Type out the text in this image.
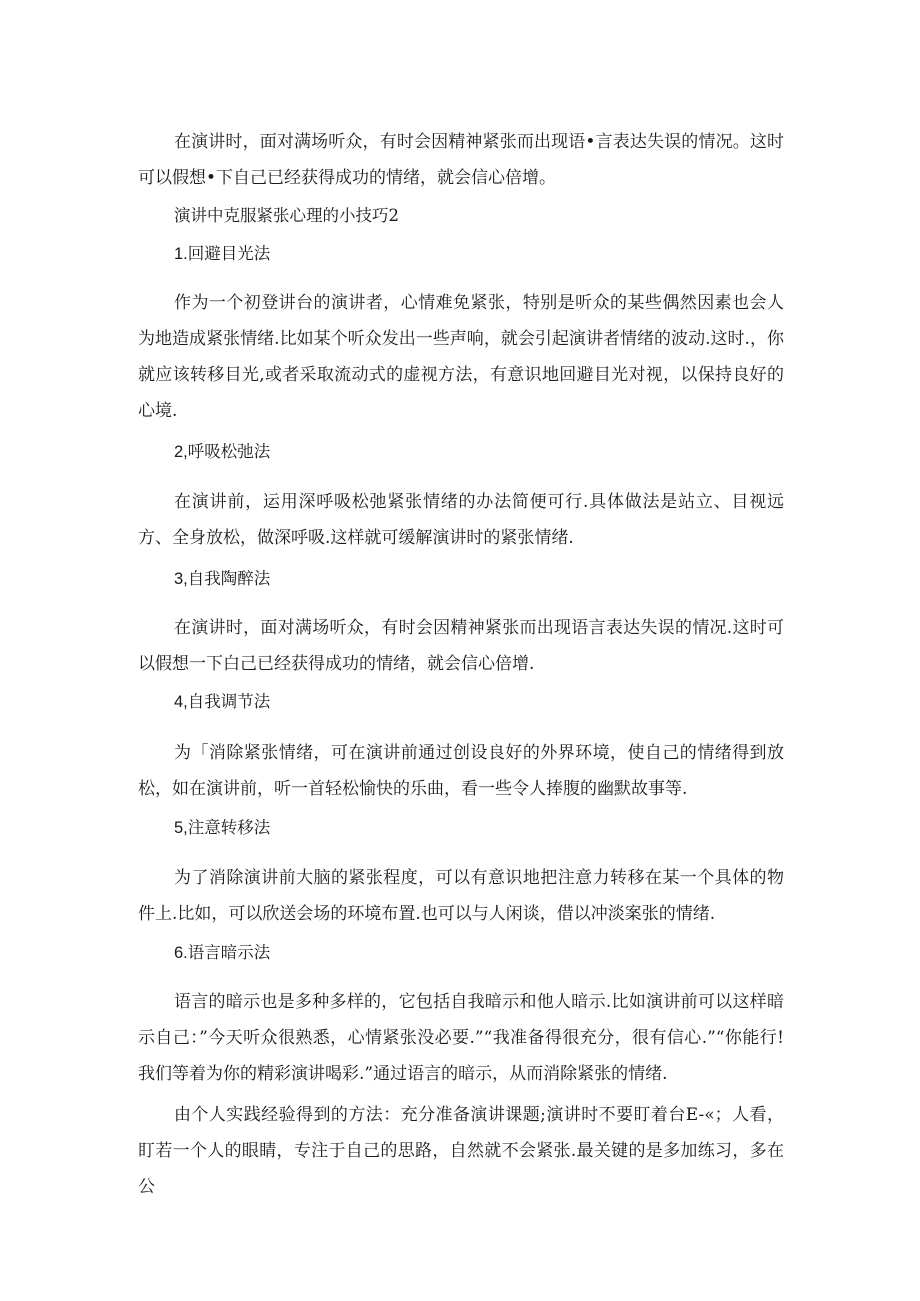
在演讲时，面对满场听众，有时会因精神紧张而出现语•言表达失误的情况。这时可以假想•下自己已经获得成功的情绪，就会信心倍增。

演讲中克服紧张心理的小技巧2

1.回避目光法

作为一个初登讲台的演讲者，心情难免紧张，特别是听众的某些偶然因素也会人为地造成紧张情绪.比如某个听众发出一些声响，就会引起演讲者情绪的波动.这时.，你就应该转移目光,或者采取流动式的虚视方法，有意识地回避目光对视，以保持良好的心境.

2,呼吸松弛法

在演讲前，运用深呼吸松弛紧张情绪的办法简便可行.具体做法是站立、目视远方、全身放松，做深呼吸.这样就可缓解演讲时的紧张情绪.

3,自我陶醉法

在演讲时，面对满场听众，有时会因精神紧张而出现语言表达失误的情况.这时可以假想一下白己已经获得成功的情绪，就会信心倍增.

4,自我调节法

为「消除紧张情绪，可在演讲前通过创设良好的外界环境，使自己的情绪得到放松，如在演讲前，听一首轻松愉快的乐曲，看一些令人捧腹的幽默故事等.

5,注意转移法

为了消除演讲前大脑的紧张程度，可以有意识地把注意力转移在某一个具体的物件上.比如，可以欣送会场的环境布置.也可以与人闲谈，借以冲淡案张的情绪.

6.语言暗示法

语言的暗示也是多种多样的，它包括自我暗示和他人暗示.比如演讲前可以这样暗示自己：”今天听众很熟悉，心情紧张没必要.”“我准备得很充分，很有信心.”“你能行!我们等着为你的精彩演讲喝彩.”通过语言的暗示，从而消除紧张的情绪.

由个人实践经验得到的方法：充分准备演讲课题;演讲时不要盯着台E-«；人看，盯若一个人的眼睛，专注于自己的思路，自然就不会紧张.最关键的是多加练习，多在公
